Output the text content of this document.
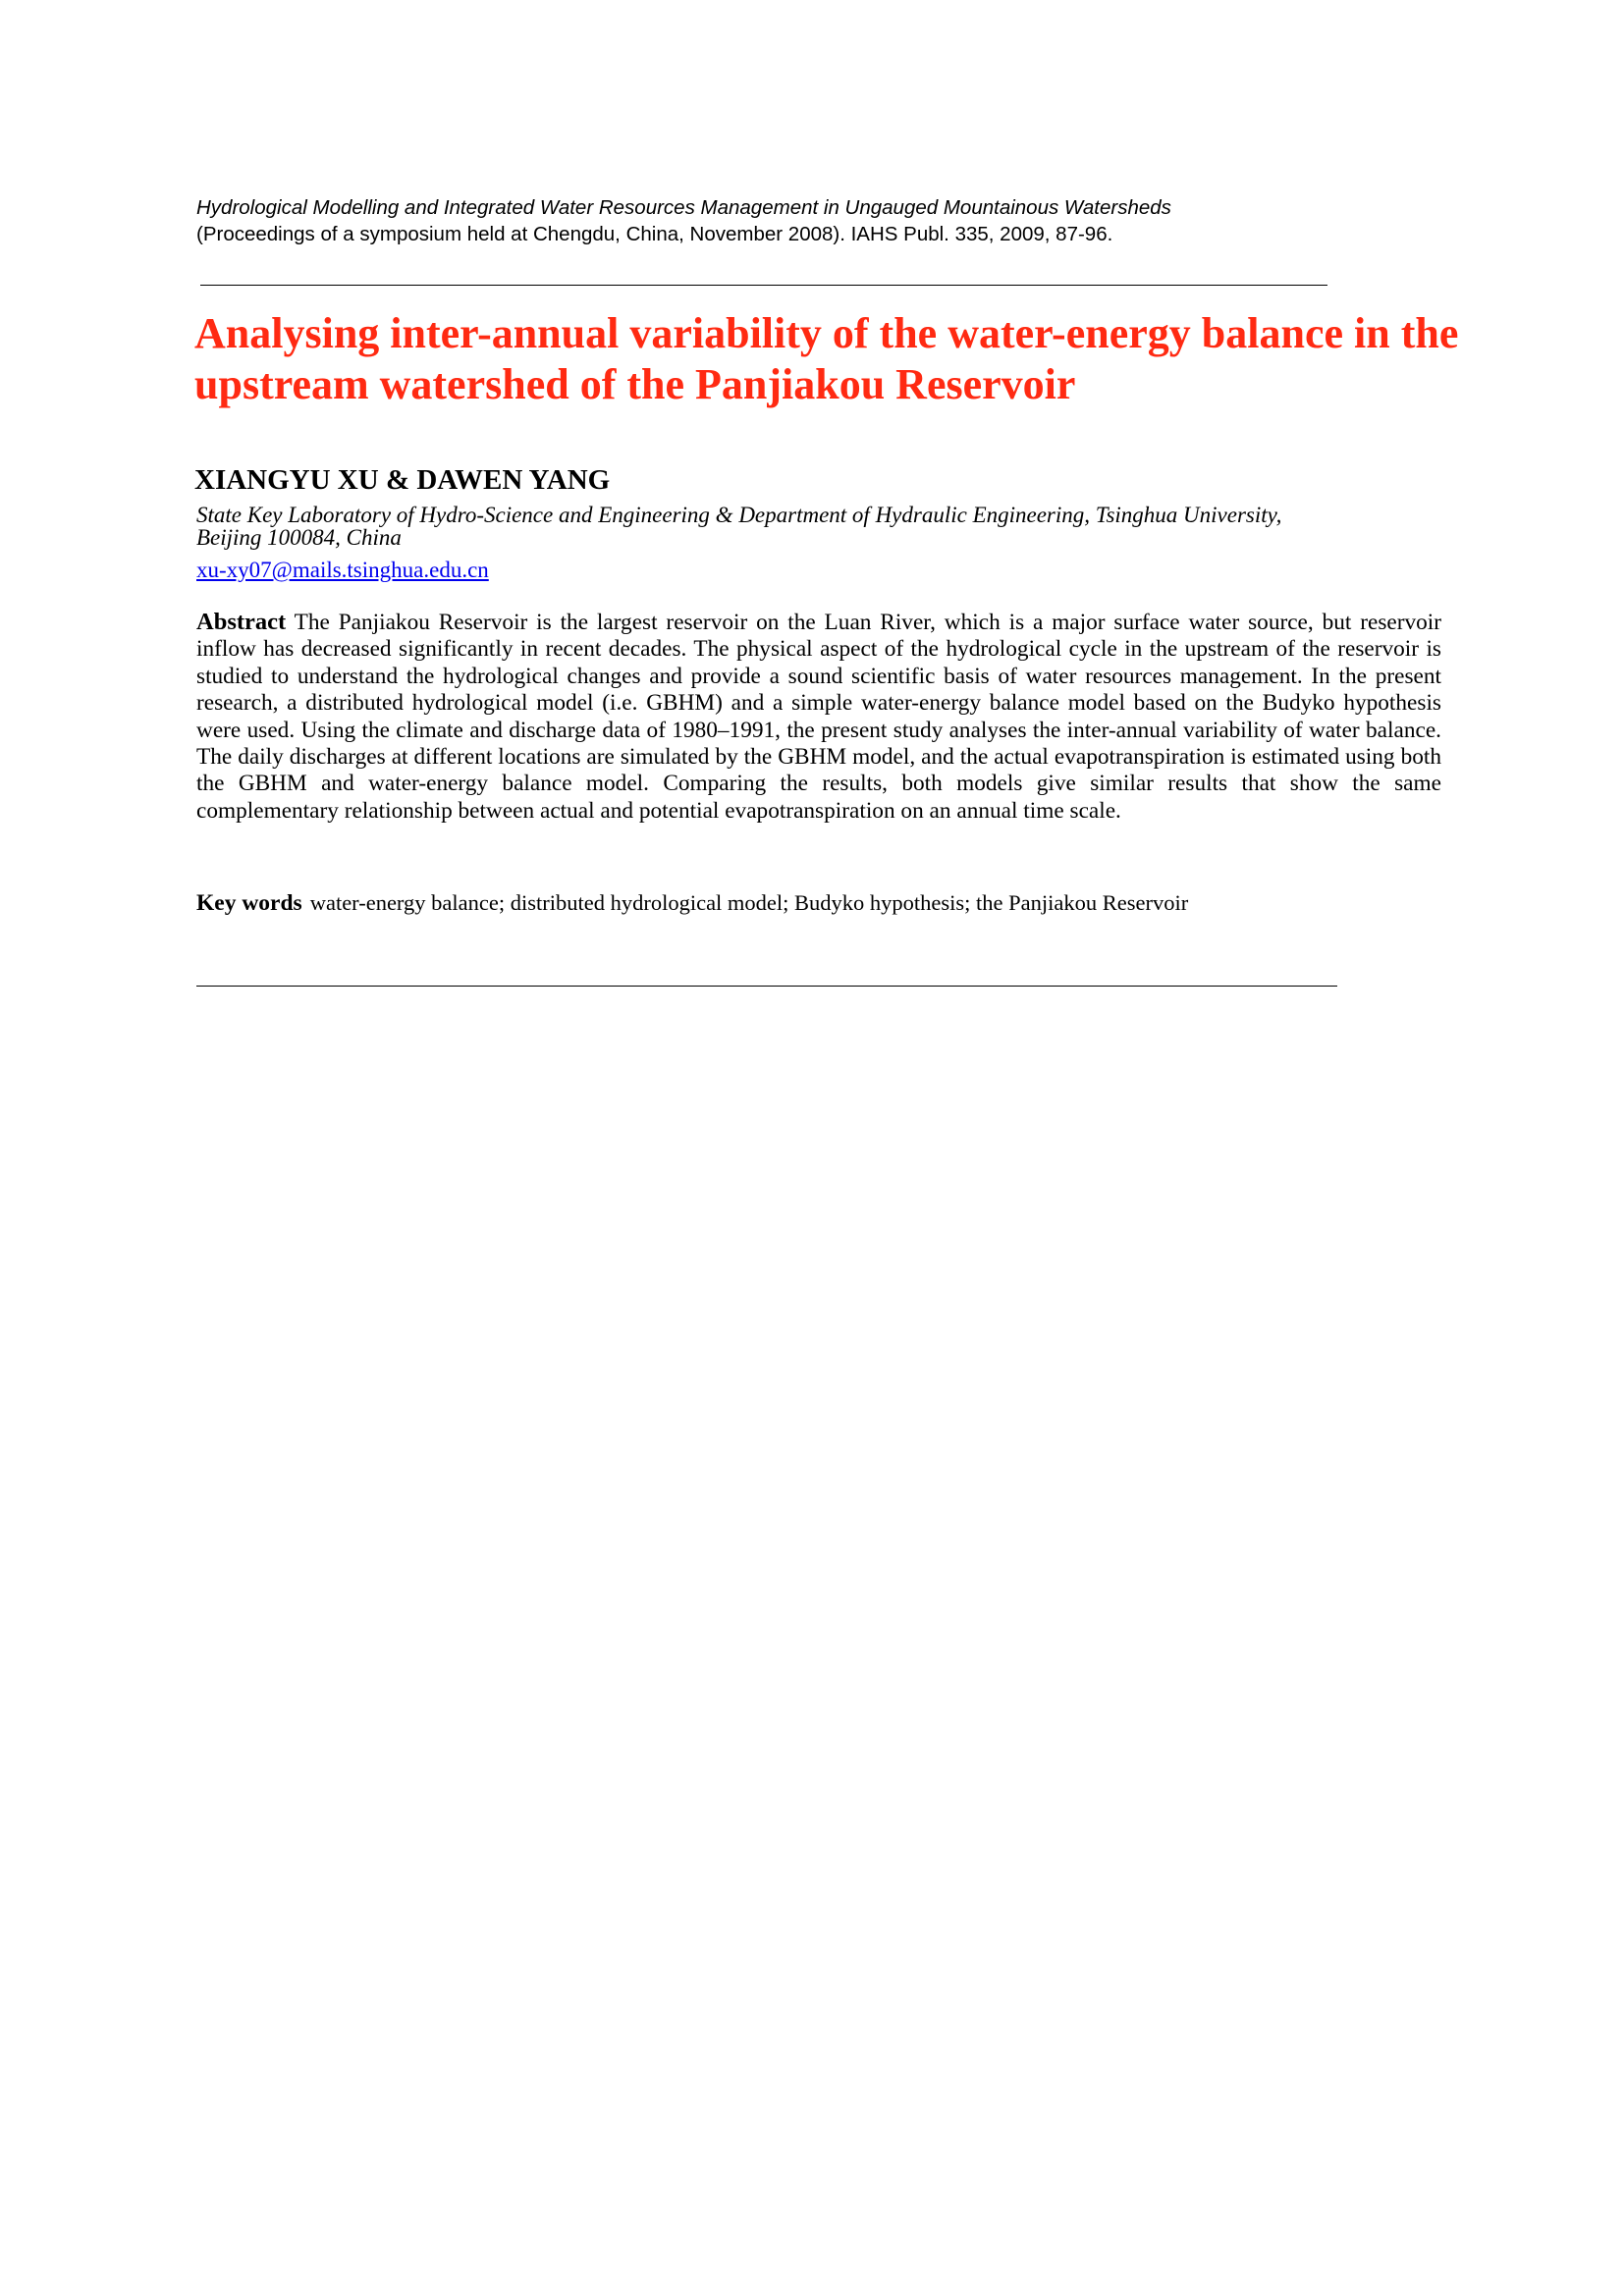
Hydrological Modelling and Integrated Water Resources Management in Ungauged Mountainous Watersheds
(Proceedings of a symposium held at Chengdu, China, November 2008). IAHS Publ. 335, 2009, 87-96.
Analysing inter-annual variability of the water-energy balance in the upstream watershed of the Panjiakou Reservoir
XIANGYU XU & DAWEN YANG
State Key Laboratory of Hydro-Science and Engineering & Department of Hydraulic Engineering, Tsinghua University,
Beijing 100084, China
xu-xy07@mails.tsinghua.edu.cn

Abstract The Panjiakou Reservoir is the largest reservoir on the Luan River, which is a major surface water source, but reservoir inflow has decreased significantly in recent decades. The physical aspect of the hydrological cycle in the upstream of the reservoir is studied to understand the hydrological changes and provide a sound scientific basis of water resources management. In the present research, a distributed hydrological model (i.e. GBHM) and a simple water-energy balance model based on the Budyko hypothesis were used. Using the climate and discharge data of 1980–1991, the present study analyses the inter-annual variability of water balance. The daily discharges at different locations are simulated by the GBHM model, and the actual evapotranspiration is estimated using both the GBHM and water-energy balance model. Comparing the results, both models give similar results that show the same complementary relationship between actual and potential evapotranspiration on an annual time scale.

Key words water-energy balance; distributed hydrological model; Budyko hypothesis; the Panjiakou Reservoir
